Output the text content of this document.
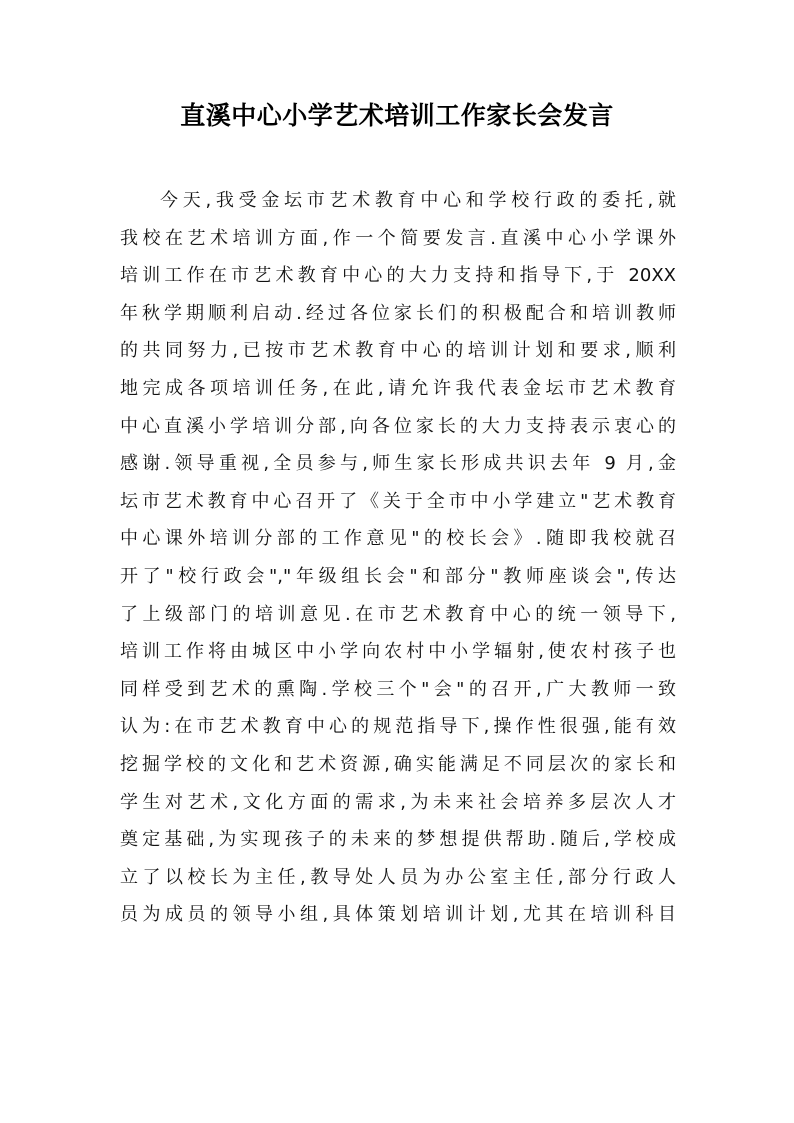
直溪中心小学艺术培训工作家长会发言
今天,我受金坛市艺术教育中心和学校行政的委托,就
我校在艺术培训方面,作一个简要发言.直溪中心小学课外
培训工作在市艺术教育中心的大力支持和指导下,于 20XX
年秋学期顺利启动.经过各位家长们的积极配合和培训教师
的共同努力,已按市艺术教育中心的培训计划和要求,顺利
地完成各项培训任务,在此,请允许我代表金坛市艺术教育
中心直溪小学培训分部,向各位家长的大力支持表示衷心的
感谢.领导重视,全员参与,师生家长形成共识去年 9 月,金
坛市艺术教育中心召开了《关于全市中小学建立"艺术教育
中心课外培训分部的工作意见"的校长会》.随即我校就召
开了"校行政会","年级组长会"和部分"教师座谈会",传达
了上级部门的培训意见.在市艺术教育中心的统一领导下,
培训工作将由城区中小学向农村中小学辐射,使农村孩子也
同样受到艺术的熏陶.学校三个"会"的召开,广大教师一致
认为:在市艺术教育中心的规范指导下,操作性很强,能有效
挖掘学校的文化和艺术资源,确实能满足不同层次的家长和
学生对艺术,文化方面的需求,为未来社会培养多层次人才
奠定基础,为实现孩子的未来的梦想提供帮助.随后,学校成
立了以校长为主任,教导处人员为办公室主任,部分行政人
员为成员的领导小组,具体策划培训计划,尤其在培训科目
